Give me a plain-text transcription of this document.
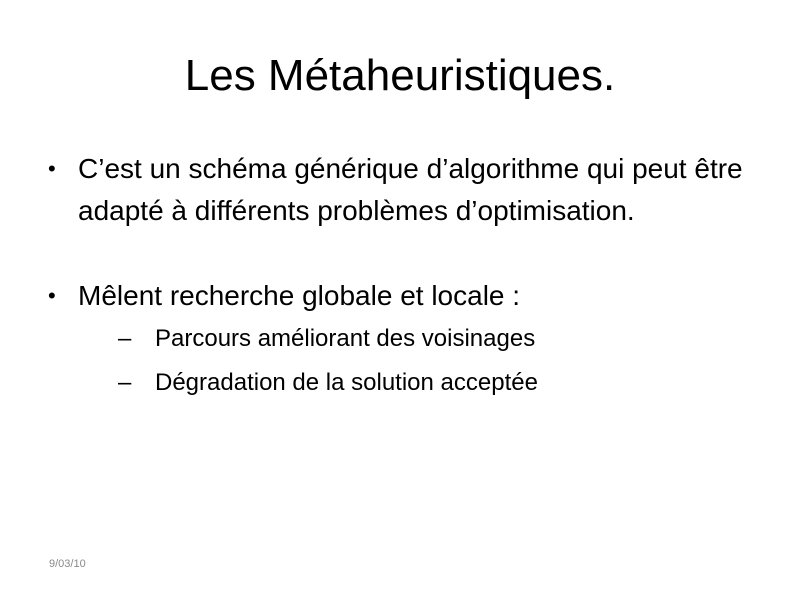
Les Métaheuristiques.
• C’est un schéma générique d’algorithme qui peut être adapté à différents problèmes d’optimisation.
• Mêlent recherche globale et locale :
– Parcours améliorant des voisinages
– Dégradation de la solution acceptée
9/03/10
